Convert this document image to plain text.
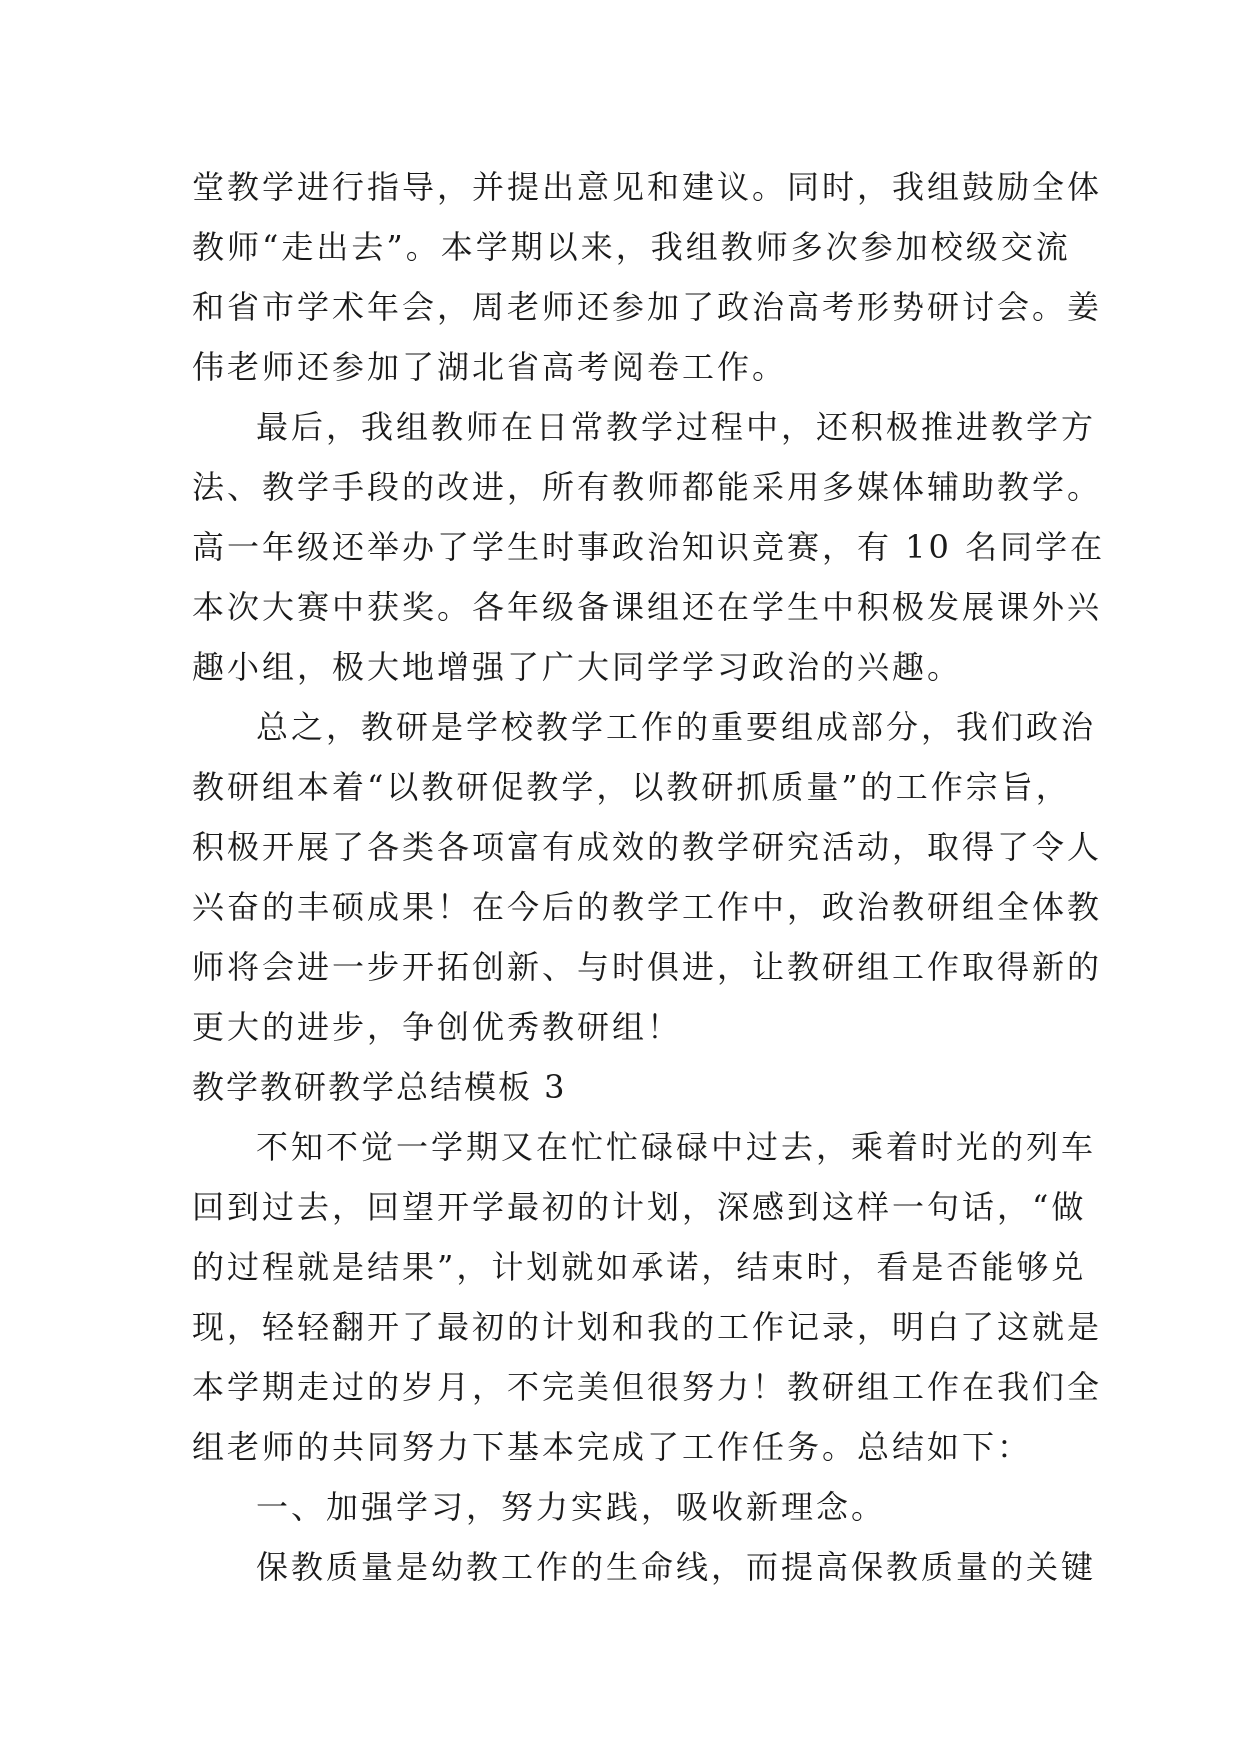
堂教学进行指导，并提出意见和建议。同时，我组鼓励全体
教师“走出去”。本学期以来，我组教师多次参加校级交流
和省市学术年会，周老师还参加了政治高考形势研讨会。姜
伟老师还参加了湖北省高考阅卷工作。
最后，我组教师在日常教学过程中，还积极推进教学方
法、教学手段的改进，所有教师都能采用多媒体辅助教学。
高一年级还举办了学生时事政治知识竞赛，有 10 名同学在
本次大赛中获奖。各年级备课组还在学生中积极发展课外兴
趣小组，极大地增强了广大同学学习政治的兴趣。
总之，教研是学校教学工作的重要组成部分，我们政治
教研组本着“以教研促教学，以教研抓质量”的工作宗旨，
积极开展了各类各项富有成效的教学研究活动，取得了令人
兴奋的丰硕成果！在今后的教学工作中，政治教研组全体教
师将会进一步开拓创新、与时俱进，让教研组工作取得新的
更大的进步，争创优秀教研组！
教学教研教学总结模板 3
不知不觉一学期又在忙忙碌碌中过去，乘着时光的列车
回到过去，回望开学最初的计划，深感到这样一句话，“做
的过程就是结果”，计划就如承诺，结束时，看是否能够兑
现，轻轻翻开了最初的计划和我的工作记录，明白了这就是
本学期走过的岁月，不完美但很努力！教研组工作在我们全
组老师的共同努力下基本完成了工作任务。总结如下：
一、加强学习，努力实践，吸收新理念。
保教质量是幼教工作的生命线，而提高保教质量的关键
